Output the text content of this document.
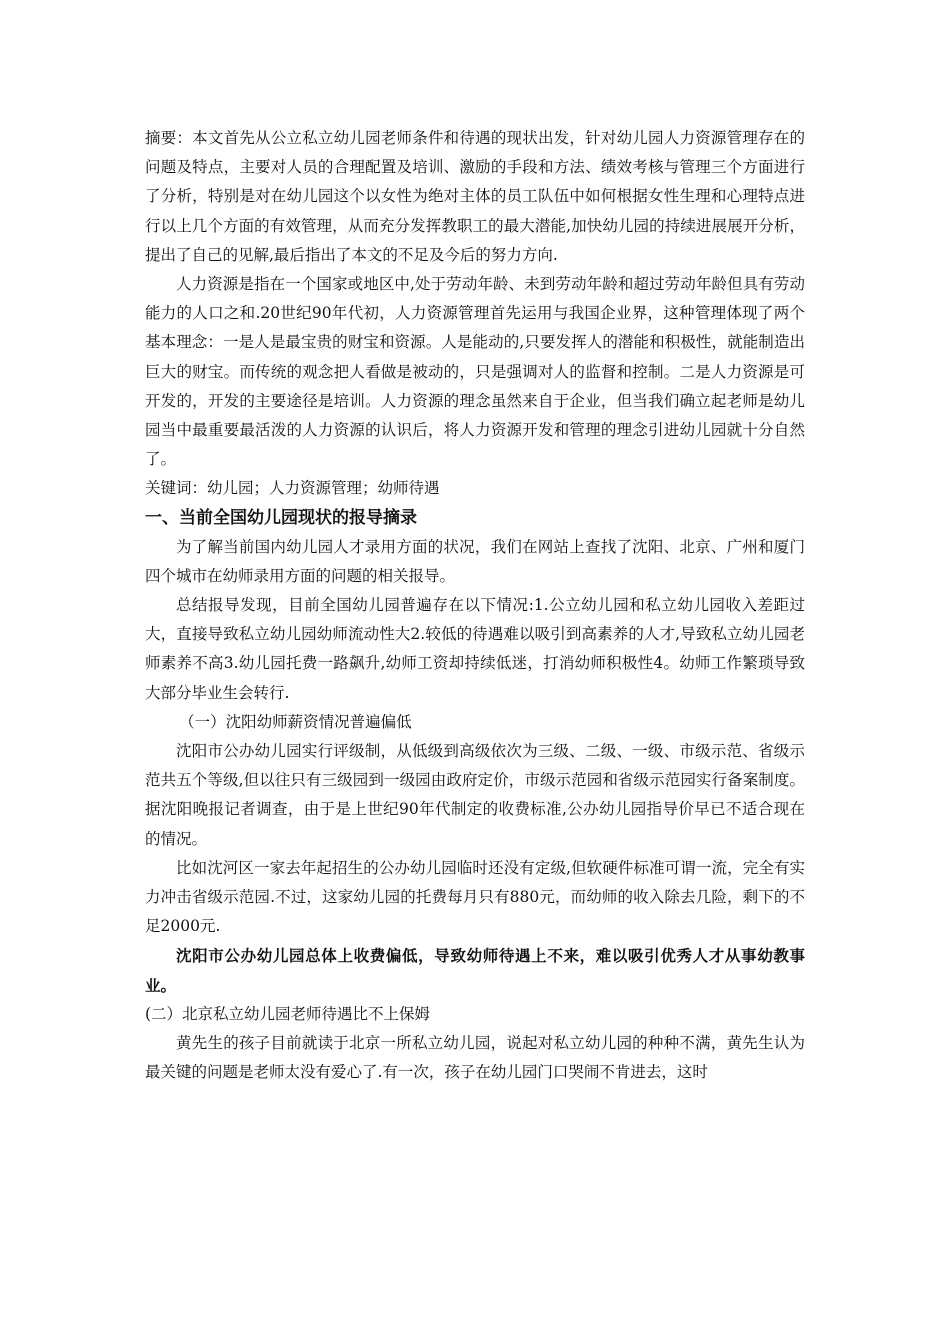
摘要：本文首先从公立私立幼儿园老师条件和待遇的现状出发，针对幼儿园人力资源管理存在的问题及特点，主要对人员的合理配置及培训、激励的手段和方法、绩效考核与管理三个方面进行了分析，特别是对在幼儿园这个以女性为绝对主体的员工队伍中如何根据女性生理和心理特点进行以上几个方面的有效管理，从而充分发挥教职工的最大潜能,加快幼儿园的持续进展展开分析，提出了自己的见解,最后指出了本文的不足及今后的努力方向.

人力资源是指在一个国家或地区中,处于劳动年龄、未到劳动年龄和超过劳动年龄但具有劳动能力的人口之和.20世纪90年代初，人力资源管理首先运用与我国企业界，这种管理体现了两个基本理念：一是人是最宝贵的财宝和资源。人是能动的,只要发挥人的潜能和积极性，就能制造出巨大的财宝。而传统的观念把人看做是被动的，只是强调对人的监督和控制。二是人力资源是可开发的，开发的主要途径是培训。人力资源的理念虽然来自于企业，但当我们确立起老师是幼儿园当中最重要最活泼的人力资源的认识后，将人力资源开发和管理的理念引进幼儿园就十分自然了。

关键词：幼儿园；人力资源管理；幼师待遇

一、当前全国幼儿园现状的报导摘录

为了解当前国内幼儿园人才录用方面的状况，我们在网站上查找了沈阳、北京、广州和厦门四个城市在幼师录用方面的问题的相关报导。

总结报导发现，目前全国幼儿园普遍存在以下情况:1.公立幼儿园和私立幼儿园收入差距过大，直接导致私立幼儿园幼师流动性大2.较低的待遇难以吸引到高素养的人才,导致私立幼儿园老师素养不高3.幼儿园托费一路飙升,幼师工资却持续低迷，打消幼师积极性4。幼师工作繁琐导致大部分毕业生会转行.

（一）沈阳幼师薪资情况普遍偏低

沈阳市公办幼儿园实行评级制，从低级到高级依次为三级、二级、一级、市级示范、省级示范共五个等级,但以往只有三级园到一级园由政府定价，市级示范园和省级示范园实行备案制度。据沈阳晚报记者调查，由于是上世纪90年代制定的收费标准,公办幼儿园指导价早已不适合现在的情况。

比如沈河区一家去年起招生的公办幼儿园临时还没有定级,但软硬件标准可谓一流，完全有实力冲击省级示范园.不过，这家幼儿园的托费每月只有880元，而幼师的收入除去几险，剩下的不足2000元.

沈阳市公办幼儿园总体上收费偏低，导致幼师待遇上不来，难以吸引优秀人才从事幼教事业。

(二）北京私立幼儿园老师待遇比不上保姆

黄先生的孩子目前就读于北京一所私立幼儿园，说起对私立幼儿园的种种不满，黄先生认为最关键的问题是老师太没有爱心了.有一次，孩子在幼儿园门口哭闹不肯进去，这时
